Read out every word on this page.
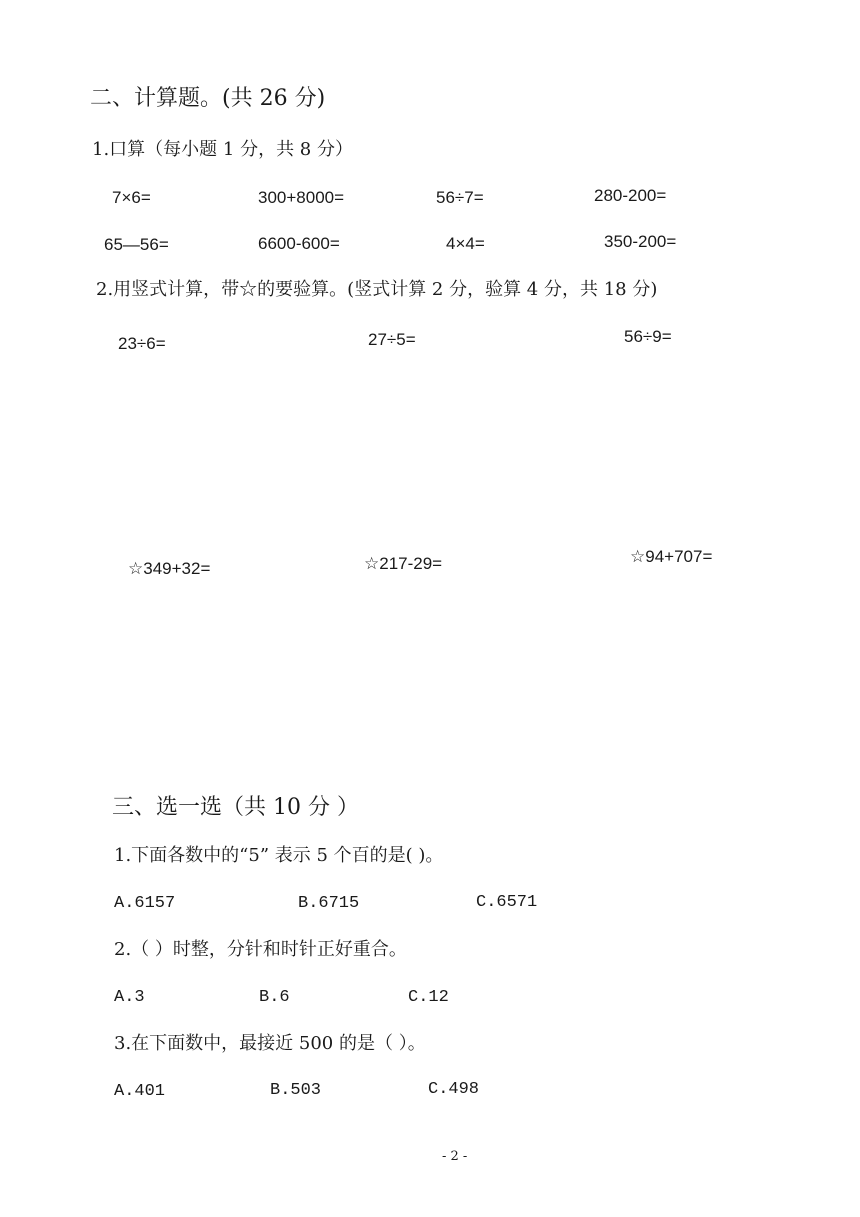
二、计算题。(共 26 分)
1.口算（每小题 1 分，共 8 分）
7×6=	300+8000=	56÷7=	280-200=
65—56=	6600-600=	4×4=	350-200=
2.用竖式计算，带☆的要验算。(竖式计算 2 分，验算 4 分，共 18 分)
23÷6=	27÷5=	56÷9=
☆349+32=	☆217-29=	☆94+707=
三、选一选（共 10 分 ）
1.下面各数中的“5” 表示 5 个百的是( )。
A.6157	B.6715	C.6571
2.（ ）时整，分针和时针正好重合。
A.3	B.6	C.12
3.在下面数中，最接近 500 的是（ ）。
A.401	B.503	C.498
- 2 -
